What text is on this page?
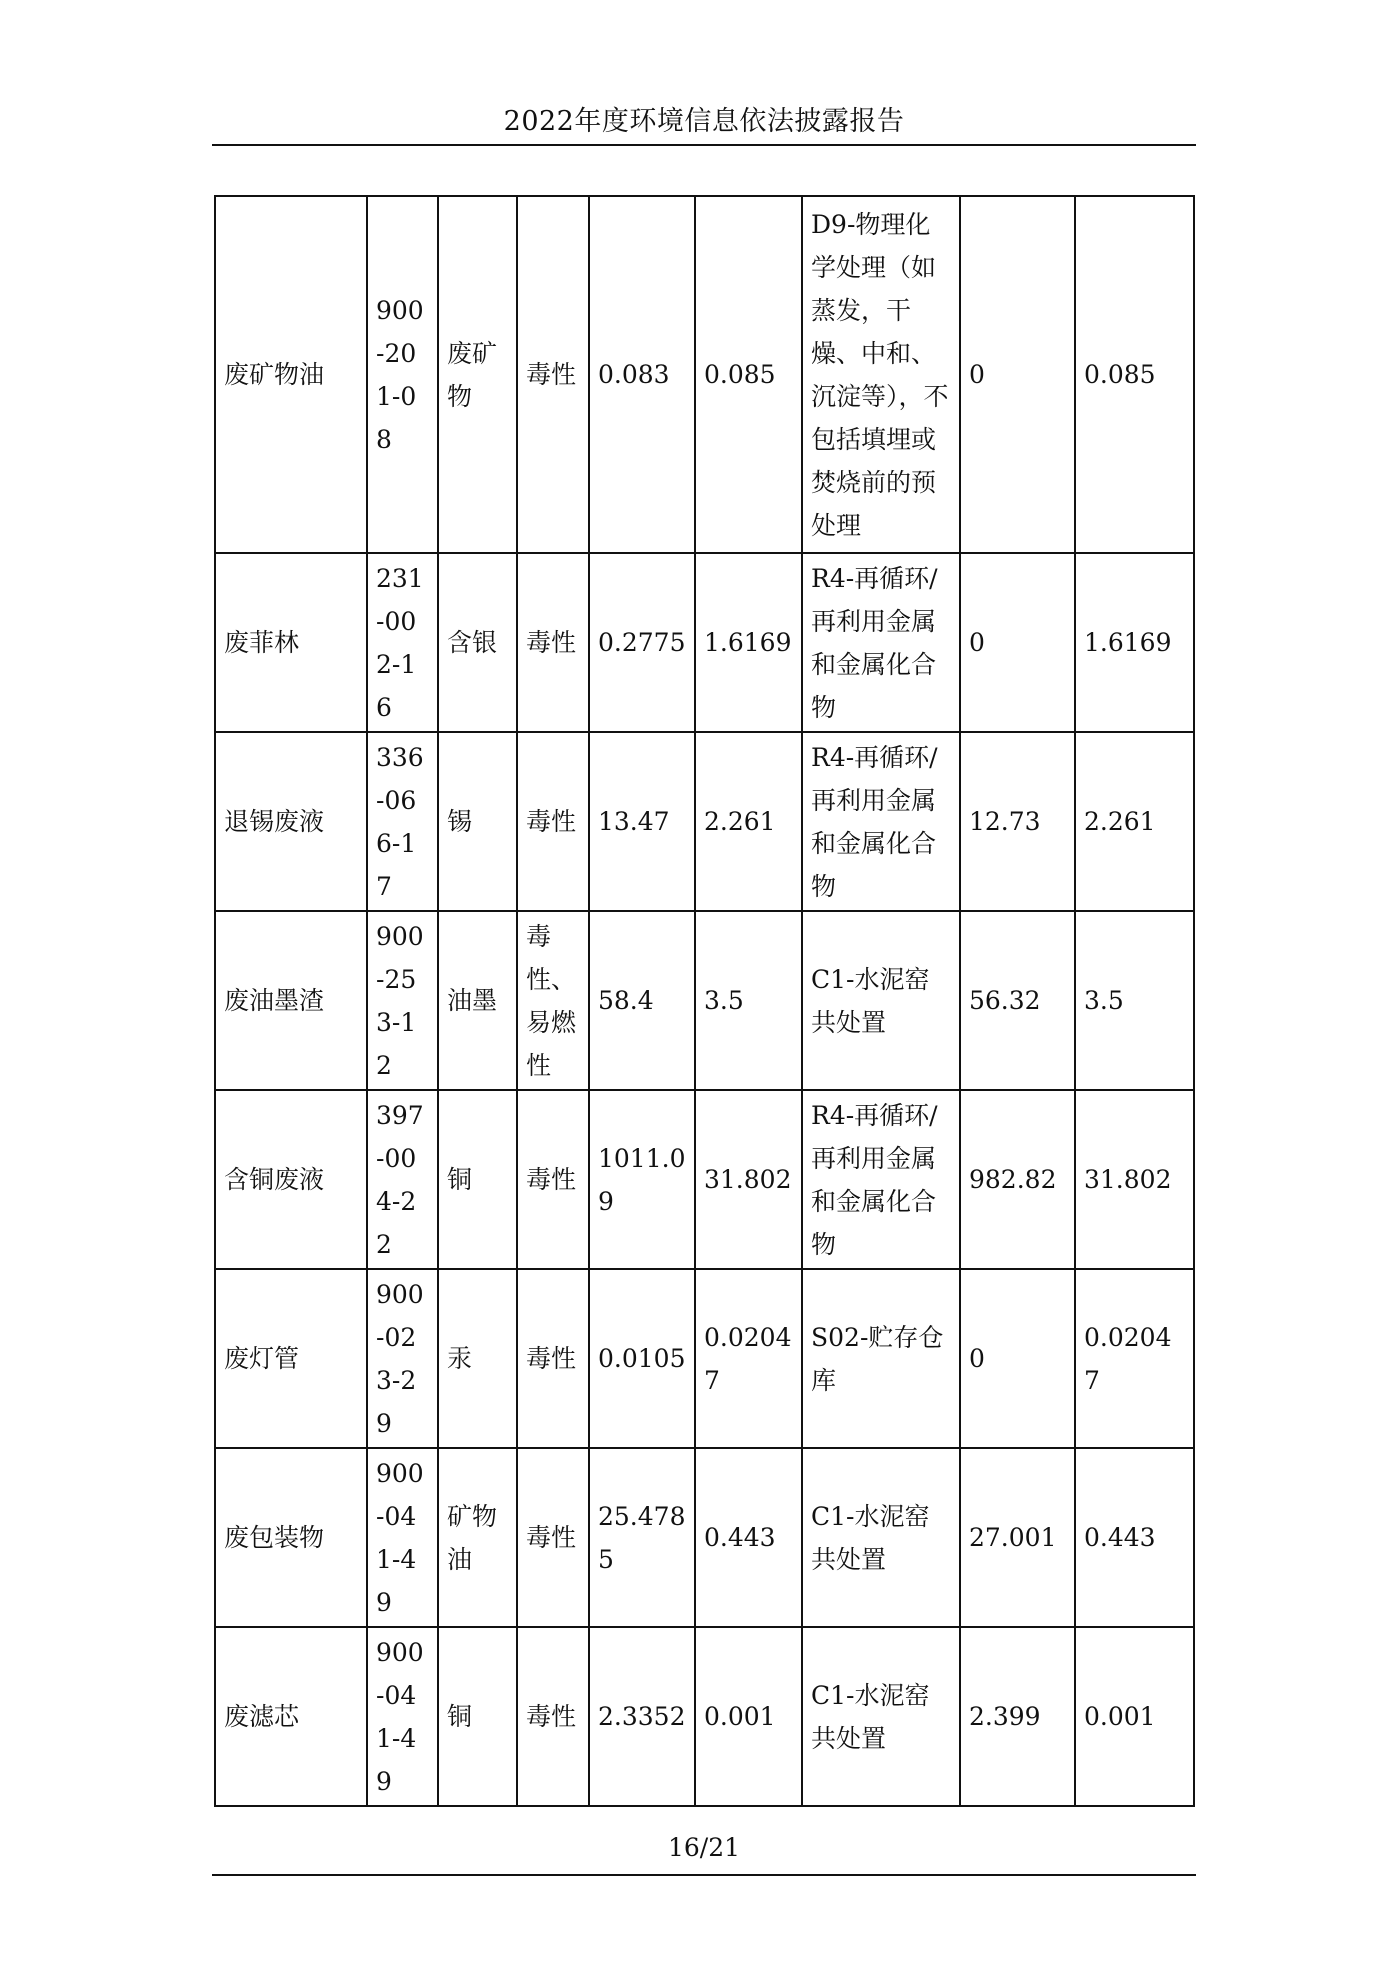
2022年度环境信息依法披露报告
废矿物油	900-201-08	废矿物	毒性	0.083	0.085	D9-物理化学处理（如蒸发，干燥、中和、沉淀等），不包括填埋或焚烧前的预处理	0	0.085
废菲林	231-002-16	含银	毒性	0.2775	1.6169	R4-再循环/再利用金属和金属化合物	0	1.6169
退锡废液	336-066-17	锡	毒性	13.47	2.261	R4-再循环/再利用金属和金属化合物	12.73	2.261
废油墨渣	900-253-12	油墨	毒性、易燃性	58.4	3.5	C1-水泥窑共处置	56.32	3.5
含铜废液	397-004-22	铜	毒性	1011.09	31.802	R4-再循环/再利用金属和金属化合物	982.82	31.802
废灯管	900-023-29	汞	毒性	0.0105	0.02047	S02-贮存仓库	0	0.02047
废包装物	900-041-49	矿物油	毒性	25.4785	0.443	C1-水泥窑共处置	27.001	0.443
废滤芯	900-041-49	铜	毒性	2.3352	0.001	C1-水泥窑共处置	2.399	0.001
16/21
